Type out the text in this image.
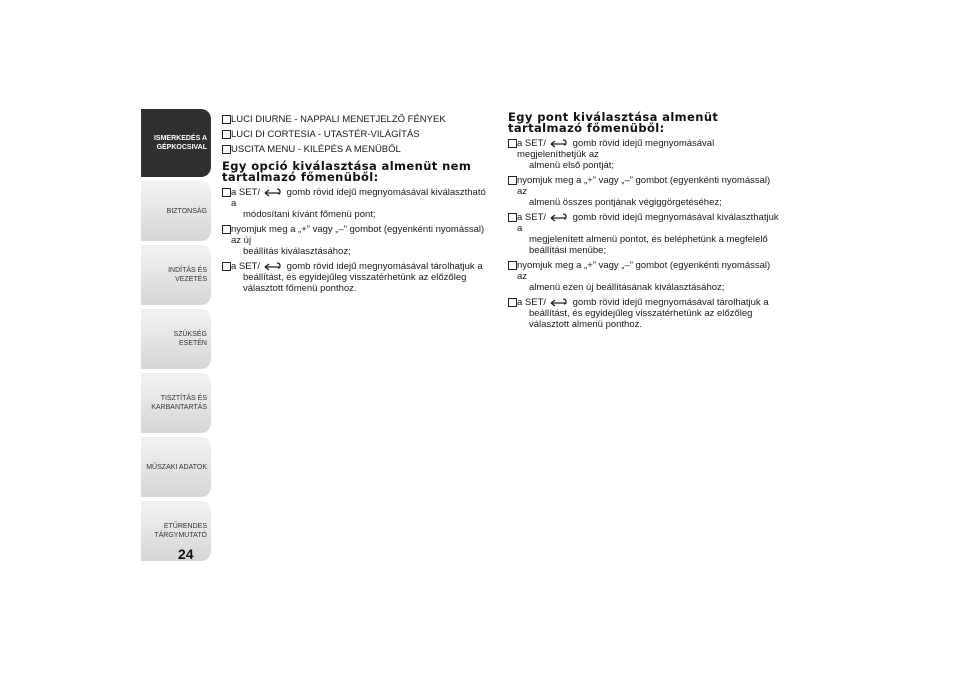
ISMERKEDÉS A GÉPKOCSIVAL
BIZTONSÁG
INDÍTÁS ÉS VEZETÉS
SZÜKSÉG ESETÉN
TISZTÍTÁS ÉS KARBANTARTÁS
MŰSZAKI ADATOK
ETŰRENDES TÁRGYMUTATÓ
24
LUCI DIURNE - NAPPALI MENETJELZŐ FÉNYEK
LUCI DI CORTESIA - UTASTÉR-VILÁGÍTÁS
USCITA MENU - KILÉPÉS A MENÜBŐL
Egy opció kiválasztása almenüt nem tartalmazó főmenüből:
a SET/	gomb rövid idejű megnyomásával kiválasztható a
módosítani kívánt főmenü pont;
nyomjuk meg a „+” vagy „–” gombot (egyenkénti nyomással) az új
beállítás kiválasztásához;
a SET/	gomb rövid idejű megnyomásával tárolhatjuk a
beállítást, és egyidejűleg visszatérhetünk az előzőleg választott főmenü ponthoz.
Egy pont kiválasztása almenüt tartalmazó főmenüből:
a SET/	gomb rövid idejű megnyomásával megjeleníthetjük az
almenü első pontját;
nyomjuk meg a „+” vagy „–” gombot (egyenkénti nyomással) az
almenü összes pontjának végiggörgetéséhez;
a SET/	gomb rövid idejű megnyomásával kiválaszthatjuk a
megjelenített almenü pontot, és beléphetünk a megfelelő beállítási menübe;
nyomjuk meg a „+” vagy „–” gombot (egyenkénti nyomással) az
almenü ezen új beállításának kiválasztásához;
a SET/	gomb rövid idejű megnyomásával tárolhatjuk a
beállítást, és egyidejűleg visszatérhetünk az előzőleg választott almenü ponthoz.
